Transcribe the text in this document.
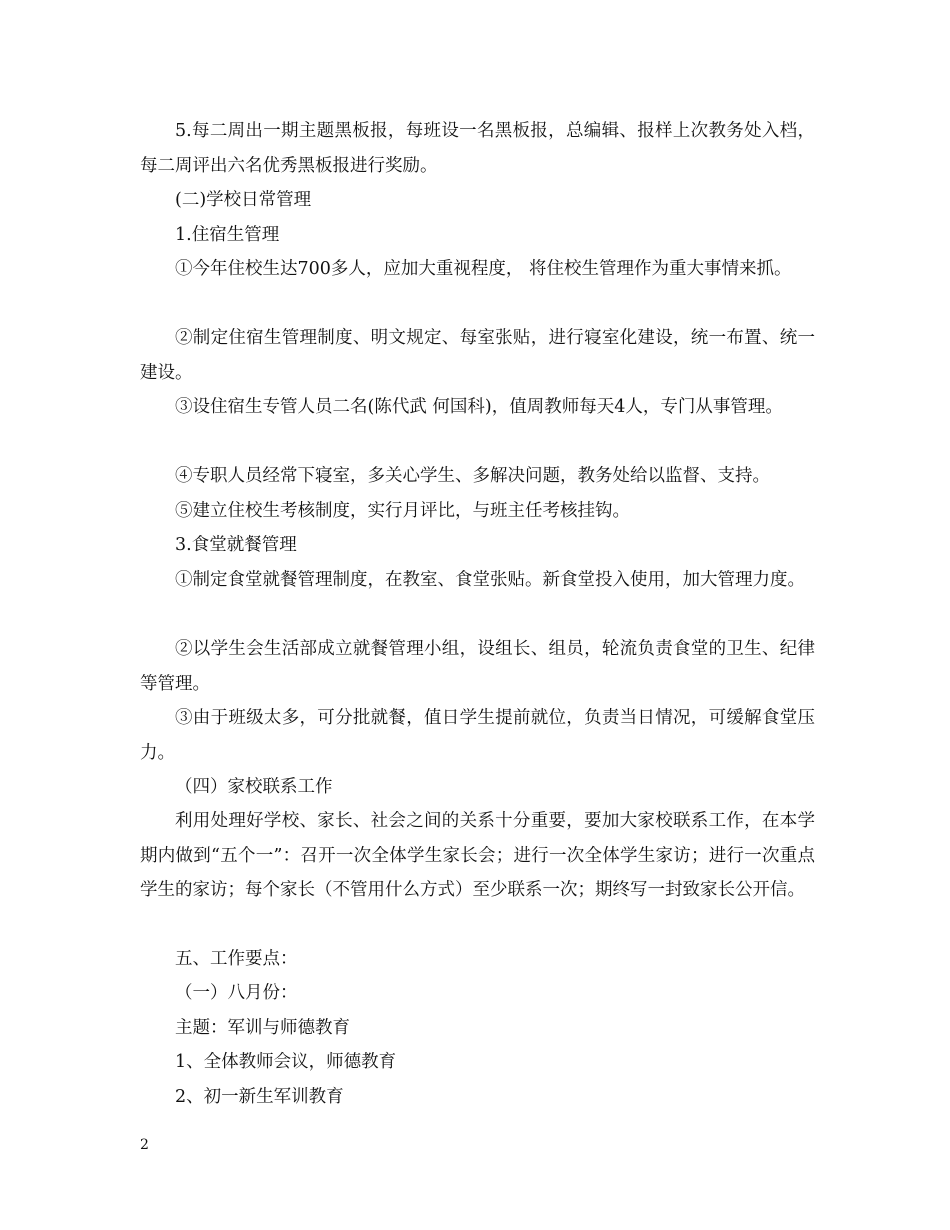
5.每二周出一期主题黑板报，每班设一名黑板报，总编辑、报样上次教务处入档，每二周评出六名优秀黑板报进行奖励。

(二)学校日常管理

1.住宿生管理

①今年住校生达700多人，应加大重视程度， 将住校生管理作为重大事情来抓。

②制定住宿生管理制度、明文规定、每室张贴，进行寝室化建设，统一布置、统一建设。

③设住宿生专管人员二名(陈代武 何国科)，值周教师每天4人，专门从事管理。

④专职人员经常下寝室，多关心学生、多解决问题，教务处给以监督、支持。

⑤建立住校生考核制度，实行月评比，与班主任考核挂钩。

3.食堂就餐管理

①制定食堂就餐管理制度，在教室、食堂张贴。新食堂投入使用，加大管理力度。

②以学生会生活部成立就餐管理小组，设组长、组员，轮流负责食堂的卫生、纪律等管理。

③由于班级太多，可分批就餐，值日学生提前就位，负责当日情况，可缓解食堂压力。

（四）家校联系工作

利用处理好学校、家长、社会之间的关系十分重要，要加大家校联系工作，在本学期内做到“五个一”：召开一次全体学生家长会；进行一次全体学生家访；进行一次重点学生的家访；每个家长（不管用什么方式）至少联系一次；期终写一封致家长公开信。

五、工作要点：

（一）八月份：

主题：军训与师德教育

1、全体教师会议，师德教育

2、初一新生军训教育

2
